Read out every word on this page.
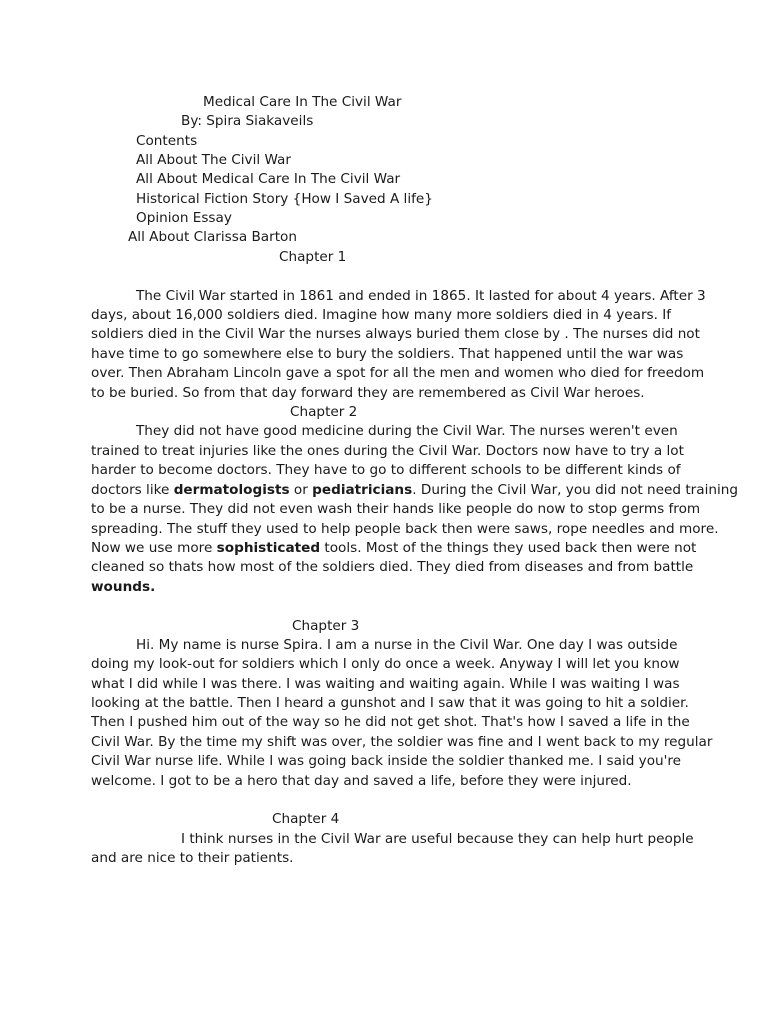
Medical Care In The Civil War
By: Spira Siakaveils
Contents
All About The Civil War
All About Medical Care In The Civil War
Historical Fiction Story {How I Saved A life}
Opinion Essay
All About Clarissa Barton
Chapter 1
The Civil War started in 1861 and ended in 1865. It lasted for about 4 years. After 3
days, about 16,000 soldiers died. Imagine how many more soldiers died in 4 years. If
soldiers died in the Civil War the nurses always buried them close by . The nurses did not
have time to go somewhere else to bury the soldiers. That happened until the war was
over. Then Abraham Lincoln gave a spot for all the men and women who died for freedom
to be buried. So from that day forward they are remembered as Civil War heroes.
Chapter 2
They did not have good medicine during the Civil War. The nurses weren't even
trained to treat injuries like the ones during the Civil War. Doctors now have to try a lot
harder to become doctors. They have to go to different schools to be different kinds of
doctors like dermatologists or pediatricians. During the Civil War, you did not need training
to be a nurse. They did not even wash their hands like people do now to stop germs from
spreading. The stuff they used to help people back then were saws, rope needles and more.
Now we use more sophisticated tools. Most of the things they used back then were not
cleaned so thats how most of the soldiers died. They died from diseases and from battle
wounds.
Chapter 3
Hi. My name is nurse Spira. I am a nurse in the Civil War. One day I was outside
doing my look-out for soldiers which I only do once a week. Anyway I will let you know
what I did while I was there. I was waiting and waiting again. While I was waiting I was
looking at the battle. Then I heard a gunshot and I saw that it was going to hit a soldier.
Then I pushed him out of the way so he did not get shot. That's how I saved a life in the
Civil War. By the time my shift was over, the soldier was fine and I went back to my regular
Civil War nurse life. While I was going back inside the soldier thanked me. I said you're
welcome. I got to be a hero that day and saved a life, before they were injured.
Chapter 4
I think nurses in the Civil War are useful because they can help hurt people
and are nice to their patients.
